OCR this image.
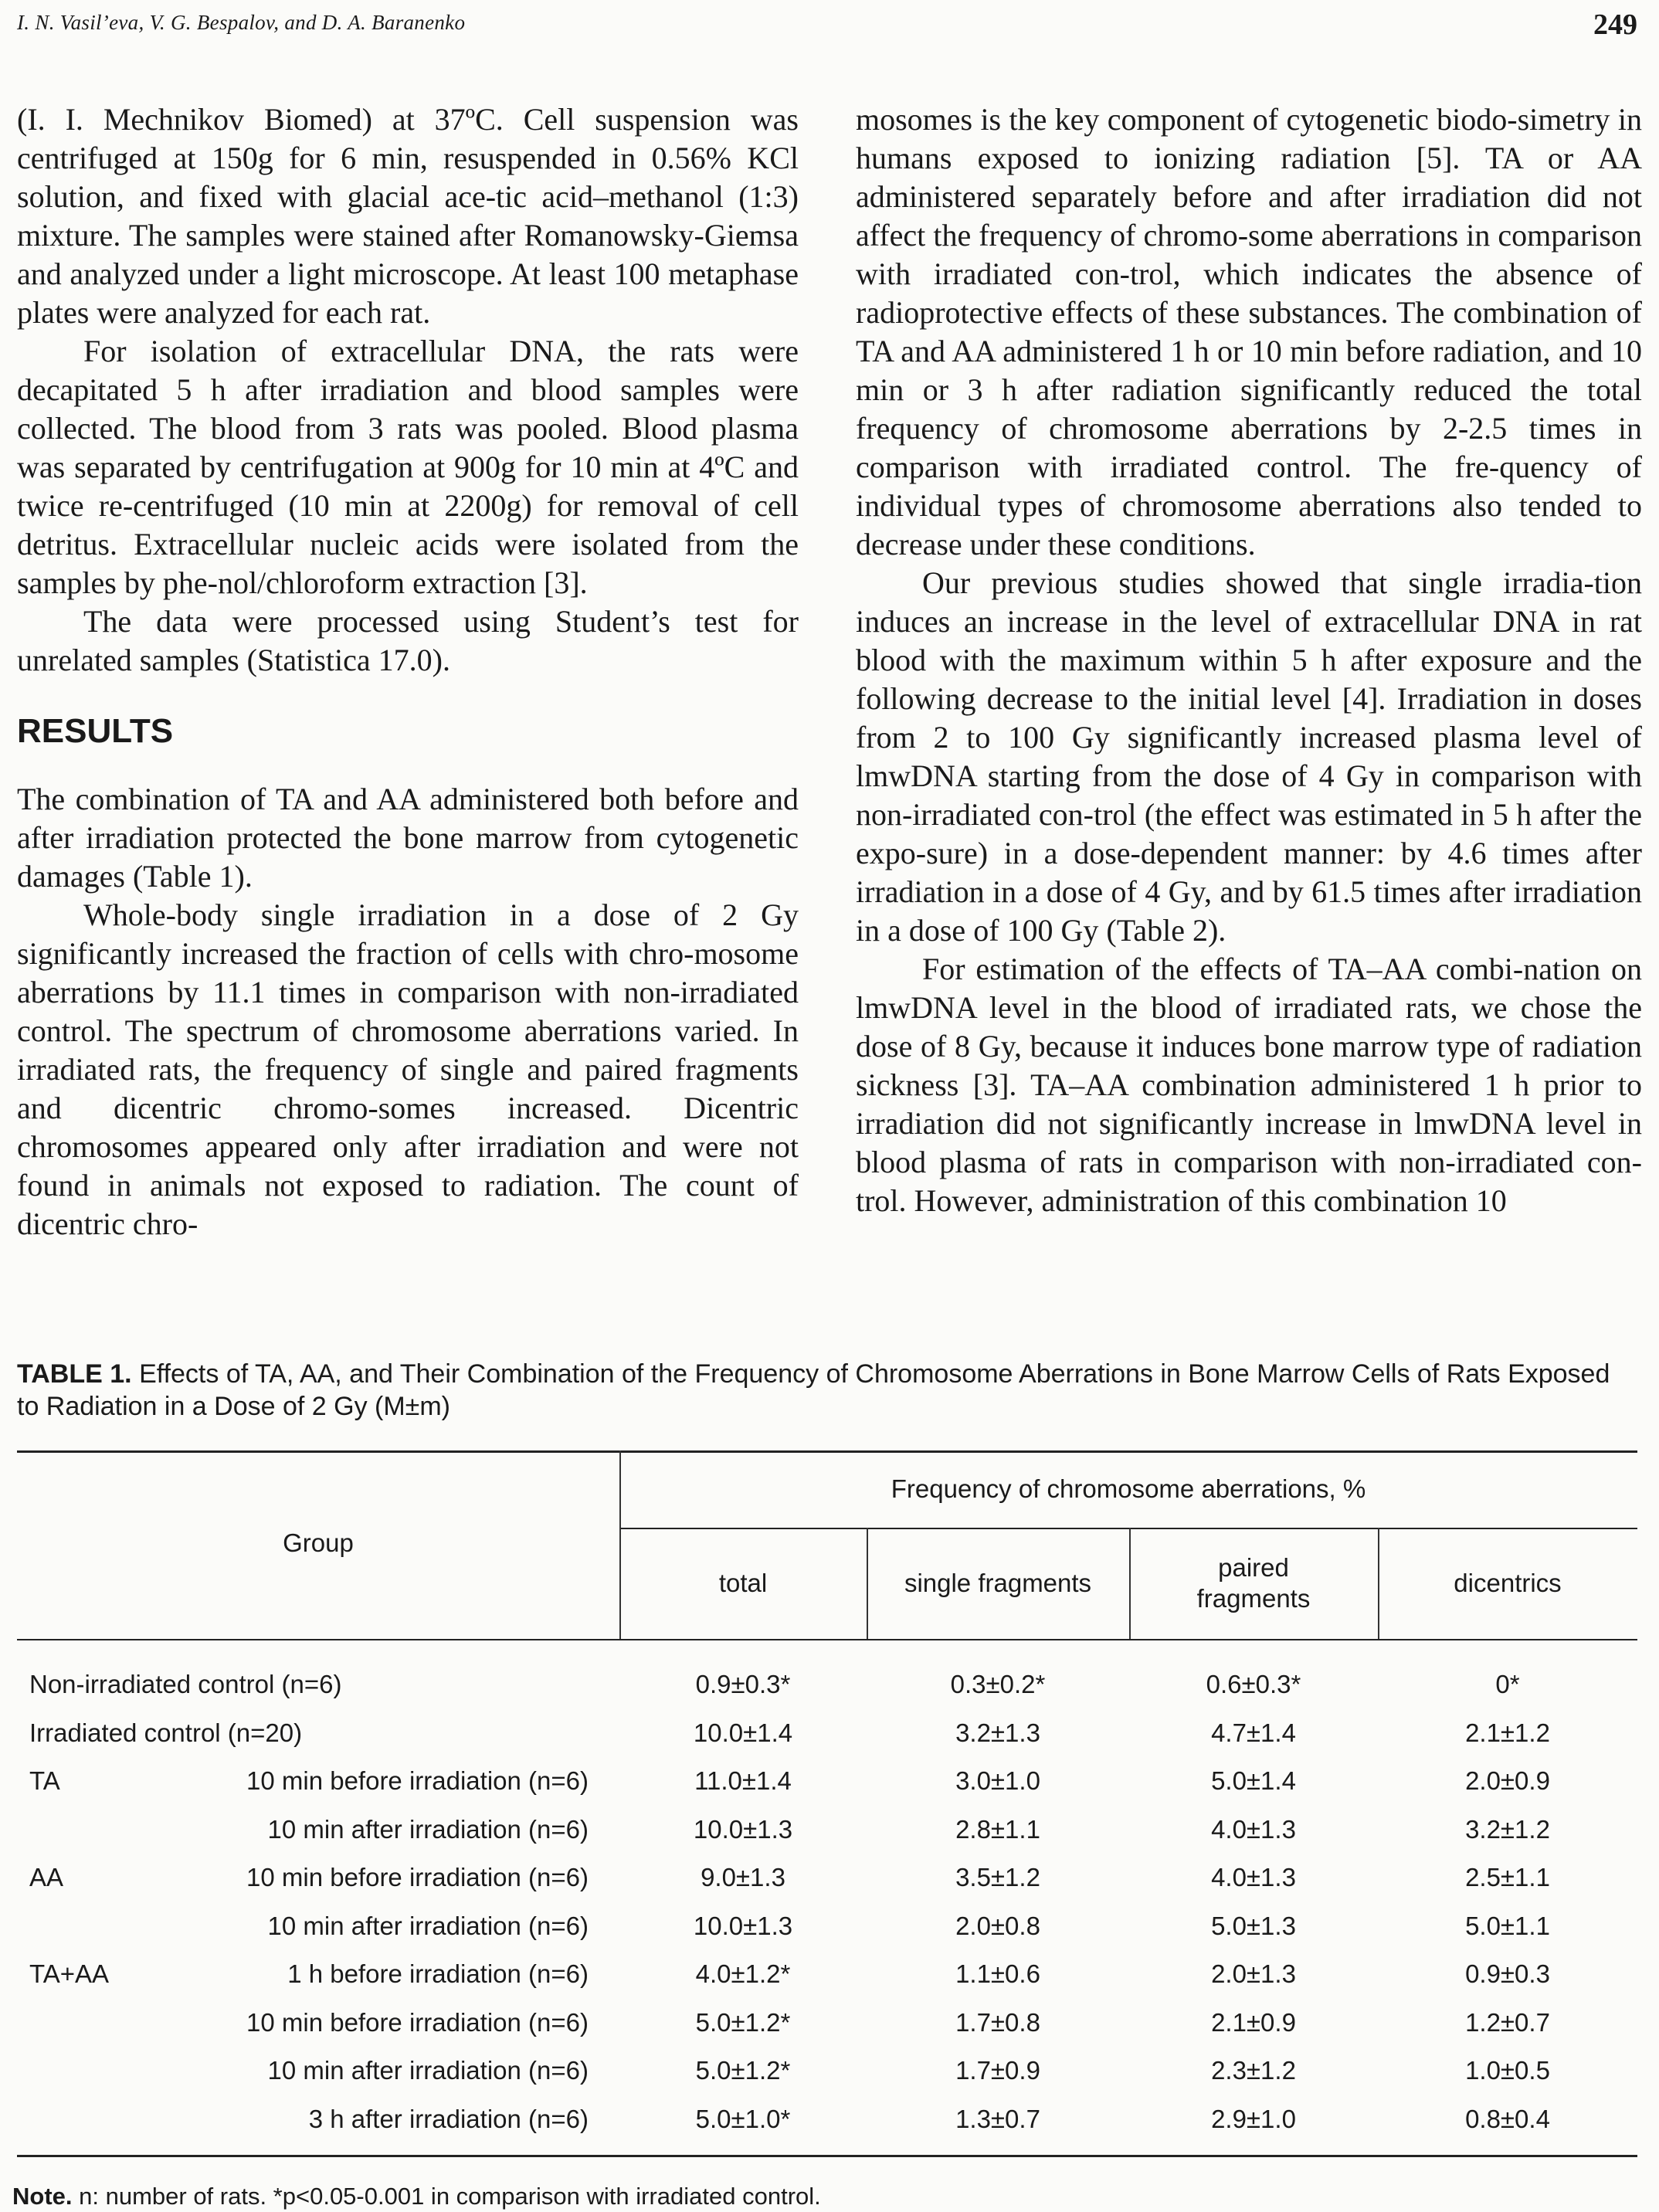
I. N. Vasil’eva, V. G. Bespalov, and D. A. Baranenko	249

(I. I. Mechnikov Biomed) at 37ºC. Cell suspension was centrifuged at 150g for 6 min, resuspended in 0.56% KCl solution, and fixed with glacial ace-tic acid–methanol (1:3) mixture. The samples were stained after Romanowsky-Giemsa and analyzed under a light microscope. At least 100 metaphase plates were analyzed for each rat.

For isolation of extracellular DNA, the rats were decapitated 5 h after irradiation and blood samples were collected. The blood from 3 rats was pooled. Blood plasma was separated by centrifugation at 900g for 10 min at 4ºC and twice re-centrifuged (10 min at 2200g) for removal of cell detritus. Extracellular nucleic acids were isolated from the samples by phe-nol/chloroform extraction [3].

The data were processed using Student’s test for unrelated samples (Statistica 17.0).

RESULTS

The combination of TA and AA administered both before and after irradiation protected the bone marrow from cytogenetic damages (Table 1).

Whole-body single irradiation in a dose of 2 Gy significantly increased the fraction of cells with chro-mosome aberrations by 11.1 times in comparison with non-irradiated control. The spectrum of chromosome aberrations varied. In irradiated rats, the frequency of single and paired fragments and dicentric chromo-somes increased. Dicentric chromosomes appeared only after irradiation and were not found in animals not exposed to radiation. The count of dicentric chro-

mosomes is the key component of cytogenetic biodo-simetry in humans exposed to ionizing radiation [5]. TA or AA administered separately before and after irradiation did not affect the frequency of chromo-some aberrations in comparison with irradiated con-trol, which indicates the absence of radioprotective effects of these substances. The combination of TA and AA administered 1 h or 10 min before radiation, and 10 min or 3 h after radiation significantly reduced the total frequency of chromosome aberrations by 2-2.5 times in comparison with irradiated control. The fre-quency of individual types of chromosome aberrations also tended to decrease under these conditions.

Our previous studies showed that single irradia-tion induces an increase in the level of extracellular DNA in rat blood with the maximum within 5 h after exposure and the following decrease to the initial level [4]. Irradiation in doses from 2 to 100 Gy significantly increased plasma level of lmwDNA starting from the dose of 4 Gy in comparison with non-irradiated con-trol (the effect was estimated in 5 h after the expo-sure) in a dose-dependent manner: by 4.6 times after irradiation in a dose of 4 Gy, and by 61.5 times after irradiation in a dose of 100 Gy (Table 2).

For estimation of the effects of TA–AA combi-nation on lmwDNA level in the blood of irradiated rats, we chose the dose of 8 Gy, because it induces bone marrow type of radiation sickness [3]. TA–AA combination administered 1 h prior to irradiation did not significantly increase in lmwDNA level in blood plasma of rats in comparison with non-irradiated con-trol. However, administration of this combination 10

TABLE 1. Effects of TA, AA, and Their Combination of the Frequency of Chromosome Aberrations in Bone Marrow Cells of Rats Exposed to Radiation in a Dose of 2 Gy (M±m)
Group
Frequency of chromosome aberrations, %
total	single fragments
paired fragments
dicentrics
Non-irradiated control (n=6)	0.9±0.3*	0.3±0.2*	0.6±0.3*	0*
Irradiated control (n=20)	10.0±1.4	3.2±1.3	4.7±1.4	2.1±1.2
TA	10 min before irradiation (n=6)	11.0±1.4	3.0±1.0	5.0±1.4	2.0±0.9
10 min after irradiation (n=6)	10.0±1.3	2.8±1.1	4.0±1.3	3.2±1.2
AA	10 min before irradiation (n=6)	9.0±1.3	3.5±1.2	4.0±1.3	2.5±1.1
10 min after irradiation (n=6)	10.0±1.3	2.0±0.8	5.0±1.3	5.0±1.1
TA+AA	1 h before irradiation (n=6)	4.0±1.2*	1.1±0.6	2.0±1.3	0.9±0.3
10 min before irradiation (n=6)	5.0±1.2*	1.7±0.8	2.1±0.9	1.2±0.7
10 min after irradiation (n=6)	5.0±1.2*	1.7±0.9	2.3±1.2	1.0±0.5
3 h after irradiation (n=6)	5.0±1.0*	1.3±0.7	2.9±1.0	0.8±0.4
Note. n: number of rats. *p<0.05-0.001 in comparison with irradiated control.
